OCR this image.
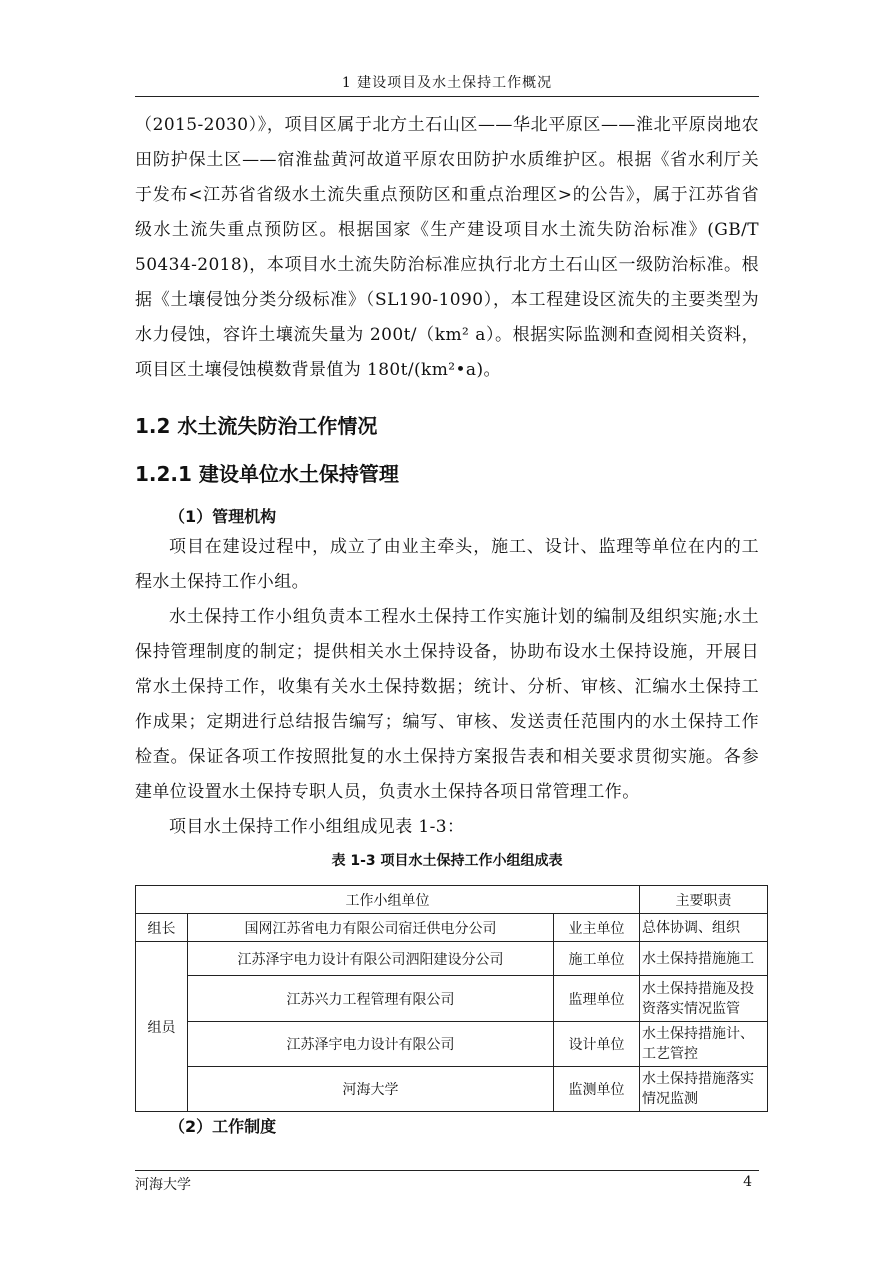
1 建设项目及水土保持工作概况

（2015-2030）》，项目区属于北方土石山区——华北平原区——淮北平原岗地农田防护保土区——宿淮盐黄河故道平原农田防护水质维护区。根据《省水利厅关于发布<江苏省省级水土流失重点预防区和重点治理区>的公告》，属于江苏省省级水土流失重点预防区。根据国家《生产建设项目水土流失防治标准》(GB/T 50434-2018)，本项目水土流失防治标准应执行北方土石山区一级防治标准。根据《土壤侵蚀分类分级标准》（SL190-1090），本工程建设区流失的主要类型为水力侵蚀，容许土壤流失量为 200t/（km² a）。根据实际监测和查阅相关资料，项目区土壤侵蚀模数背景值为 180t/(km²•a)。

1.2 水土流失防治工作情况
1.2.1 建设单位水土保持管理
（1）管理机构

项目在建设过程中，成立了由业主牵头，施工、设计、监理等单位在内的工程水土保持工作小组。

水土保持工作小组负责本工程水土保持工作实施计划的编制及组织实施;水土保持管理制度的制定；提供相关水土保持设备，协助布设水土保持设施，开展日常水土保持工作，收集有关水土保持数据；统计、分析、审核、汇编水土保持工作成果；定期进行总结报告编写；编写、审核、发送责任范围内的水土保持工作检查。保证各项工作按照批复的水土保持方案报告表和相关要求贯彻实施。各参建单位设置水土保持专职人员，负责水土保持各项日常管理工作。

项目水土保持工作小组组成见表 1-3：

表 1-3 项目水土保持工作小组组成表
工作小组单位			主要职责
组长	国网江苏省电力有限公司宿迁供电分公司	业主单位	总体协调、组织
组员	江苏泽宇电力设计有限公司泗阳建设分公司	施工单位	水土保持措施施工
	江苏兴力工程管理有限公司	监理单位	水土保持措施及投资落实情况监管
	江苏泽宇电力设计有限公司	设计单位	水土保持措施计、工艺管控
	河海大学	监测单位	水土保持措施落实情况监测
（2）工作制度
河海大学	4
